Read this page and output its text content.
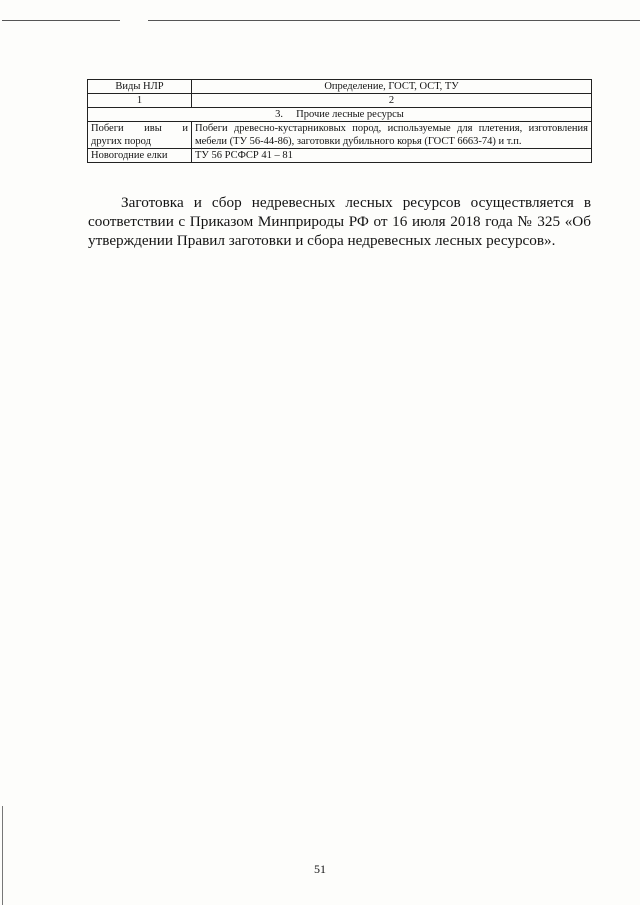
Виды НЛР	Определение, ГОСТ, ОСТ, ТУ
1	2
3.     Прочие лесные ресурсы	

Побеги ивы и
других пород	Побеги древесно-кустарниковых пород, используемые для плетения, изготовления мебели (ТУ 56-44-86), заготовки дубильного корья (ГОСТ 6663-74) и т.п.
Новогодние елки	ТУ 56 РСФСР 41 – 81

Заготовка и сбор недревесных лесных ресурсов осуществляется в соответствии с Приказом Минприроды РФ от 16 июля 2018 года № 325 «Об утверждении Правил заготовки и сбора недревесных лесных ресурсов».

51
